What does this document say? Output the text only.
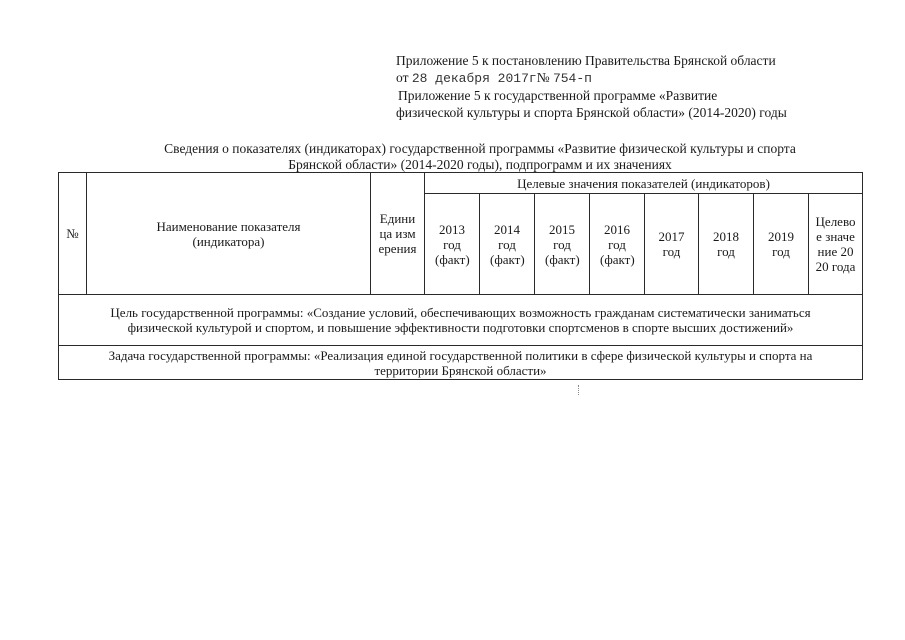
Приложение 5 к постановлению Правительства Брянской области
от 28 декабря 2017г№ 754-п
Приложение 5 к государственной программе «Развитие
физической культуры и спорта Брянской области» (2014-2020) годы
Сведения о показателях (индикаторах) государственной программы «Развитие физической культуры и спорта
Брянской области» (2014-2020 годы), подпрограмм и их значениях
№	Наименование показателя (индикатора)	Единица измерения	Целевые значения показателей (индикаторов)							
			2013 год (факт)	2014 год (факт)	2015 год (факт)	2016 год (факт)	2017 год	2018 год	2019 год	Целевое значение 2020 года
Цель государственной программы: «Создание условий, обеспечивающих возможность гражданам систематически заниматься физической культурой и спортом, и повышение эффективности подготовки спортсменов в спорте высших достижений»										
Задача государственной программы: «Реализация единой государственной политики в сфере физической культуры и спорта на территории Брянской области»										
